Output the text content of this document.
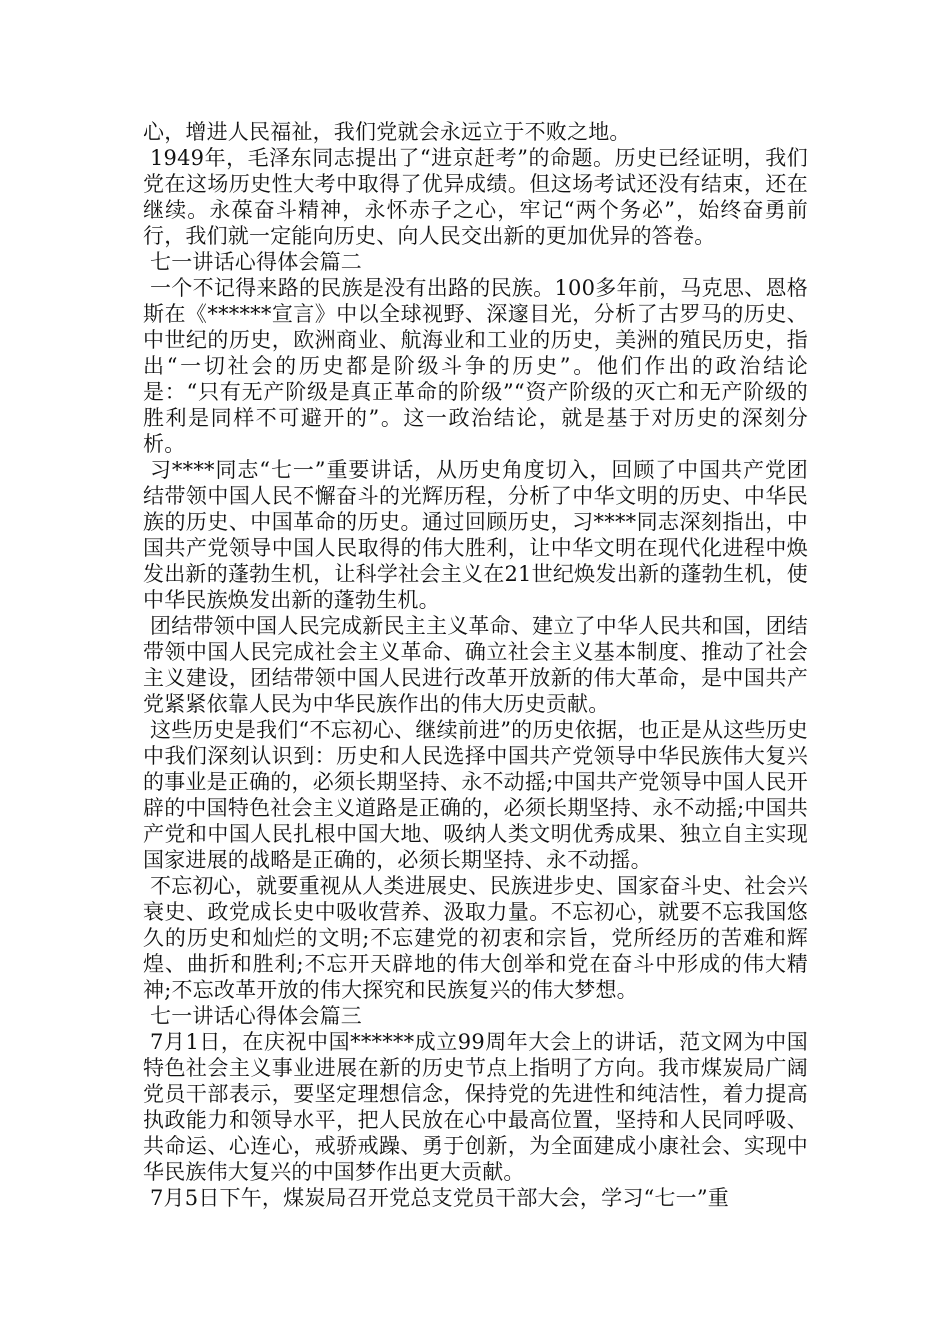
心，增进人民福祉，我们党就会永远立于不败之地。

1949年，毛泽东同志提出了“进京赶考”的命题。历史已经证明，我们党在这场历史性大考中取得了优异成绩。但这场考试还没有结束，还在继续。永葆奋斗精神，永怀赤子之心，牢记“两个务必”，始终奋勇前行，我们就一定能向历史、向人民交出新的更加优异的答卷。

七一讲话心得体会篇二

一个不记得来路的民族是没有出路的民族。100多年前，马克思、恩格斯在《******宣言》中以全球视野、深邃目光，分析了古罗马的历史、中世纪的历史，欧洲商业、航海业和工业的历史，美洲的殖民历史，指出“一切社会的历史都是阶级斗争的历史”。他们作出的政治结论是：“只有无产阶级是真正革命的阶级”“资产阶级的灭亡和无产阶级的胜利是同样不可避开的”。这一政治结论，就是基于对历史的深刻分析。

习****同志“七一”重要讲话，从历史角度切入，回顾了中国共产党团结带领中国人民不懈奋斗的光辉历程，分析了中华文明的历史、中华民族的历史、中国革命的历史。通过回顾历史，习****同志深刻指出，中国共产党领导中国人民取得的伟大胜利，让中华文明在现代化进程中焕发出新的蓬勃生机，让科学社会主义在21世纪焕发出新的蓬勃生机，使中华民族焕发出新的蓬勃生机。

团结带领中国人民完成新民主主义革命、建立了中华人民共和国，团结带领中国人民完成社会主义革命、确立社会主义基本制度、推动了社会主义建设，团结带领中国人民进行改革开放新的伟大革命，是中国共产党紧紧依靠人民为中华民族作出的伟大历史贡献。

这些历史是我们“不忘初心、继续前进”的历史依据，也正是从这些历史中我们深刻认识到：历史和人民选择中国共产党领导中华民族伟大复兴的事业是正确的，必须长期坚持、永不动摇;中国共产党领导中国人民开辟的中国特色社会主义道路是正确的，必须长期坚持、永不动摇;中国共产党和中国人民扎根中国大地、吸纳人类文明优秀成果、独立自主实现国家进展的战略是正确的，必须长期坚持、永不动摇。

不忘初心，就要重视从人类进展史、民族进步史、国家奋斗史、社会兴衰史、政党成长史中吸收营养、汲取力量。不忘初心，就要不忘我国悠久的历史和灿烂的文明;不忘建党的初衷和宗旨，党所经历的苦难和辉煌、曲折和胜利;不忘开天辟地的伟大创举和党在奋斗中形成的伟大精神;不忘改革开放的伟大探究和民族复兴的伟大梦想。

七一讲话心得体会篇三

7月1日，在庆祝中国******成立99周年大会上的讲话，范文网为中国特色社会主义事业进展在新的历史节点上指明了方向。我市煤炭局广阔党员干部表示，要坚定理想信念，保持党的先进性和纯洁性，着力提高执政能力和领导水平，把人民放在心中最高位置，坚持和人民同呼吸、共命运、心连心，戒骄戒躁、勇于创新，为全面建成小康社会、实现中华民族伟大复兴的中国梦作出更大贡献。

7月5日下午，煤炭局召开党总支党员干部大会，学习“七一”重
